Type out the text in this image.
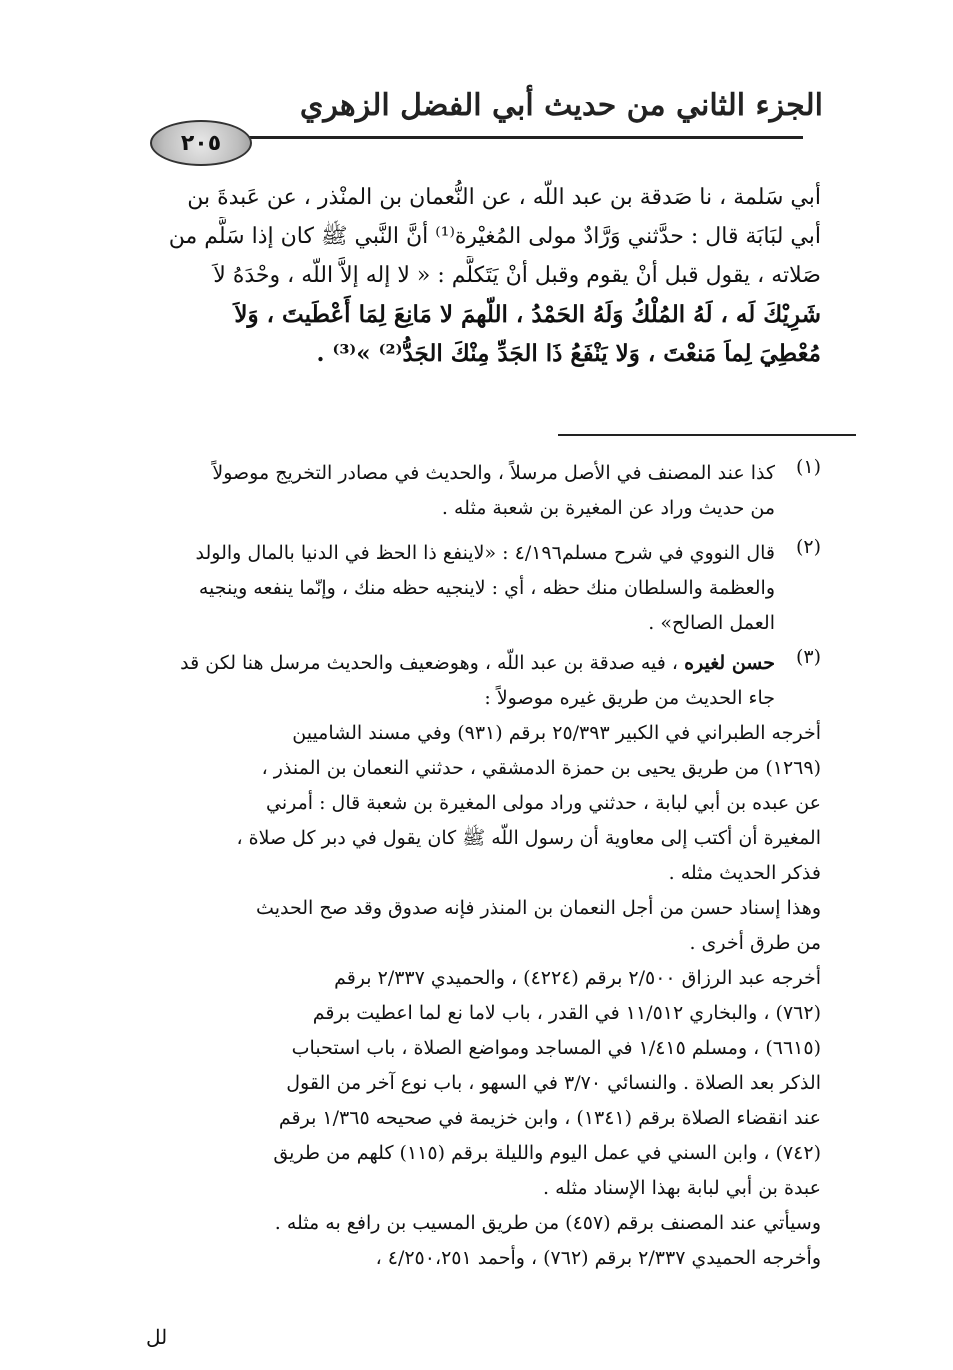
الجزء الثاني من حديث أبي الفضل الزهري
٢٠٥
أبي سَلمة ، نا صَدقة بن عبد اللّه ، عن النُّعمان بن المنْذر ، عن عَبدةَ بن
أبي لبَابَة قال : حدَّثني وَرَّادٌ مولى المُغيْرة⁽¹⁾ أنَّ النَّبي ﷺ كان إذا سَلَّم من
صَلاته ، يقول قبل أنْ يقوم وقبل أنْ يَتَكلَّم : « لا إله إلاَّ اللّه ، وحْدَهُ لاَ
شَرِيْكَ لَه ، لَهُ المُلْكُ وَلَهُ الحَمْدُ ، اللّهمَ لا مَانِعَ لِمَا أَعْطَيتَ ، وَلاَ
مُعْطِيَ لِماَ مَنعْتَ ، وَلا يَنْفَعُ ذَا الجَدِّ مِنْكَ الجَدُّ⁽²⁾ »⁽³⁾ .
(١)
كذا عند المصنف في الأصل مرسلاً ، والحديث في مصادر التخريج موصولاً
من حديث وراد عن المغيرة بن شعبة مثله .
(٢)
قال النووي في شرح مسلم٤/١٩٦ : «لاينفع ذا الحظ في الدنيا بالمال والولد
والعظمة والسلطان منك حظه ، أي : لاينجيه حظه منك ، وإنّما ينفعه وينجيه
العمل الصالح» .
(٣)
حسن لغيره ، فيه صدقة بن عبد اللّه ، وهوضعيف والحديث مرسل هنا لكن قد
جاء الحديث من طريق غيره موصولاً :
أخرجه الطبراني في الكبير ٢٥/٣٩٣ برقم (٩٣١) وفي مسند الشاميين
(١٢٦٩) من طريق يحيى بن حمزة الدمشقي ، حدثني النعمان بن المنذر ،
عن عبده بن أبي لبابة ، حدثني وراد مولى المغيرة بن شعبة قال : أمرني
المغيرة أن أكتب إلى معاوية أن رسول اللّه ﷺ كان يقول في دبر كل صلاة ،
فذكر الحديث مثله .
وهذا إسناد حسن من أجل النعمان بن المنذر فإنه صدوق وقد صح الحديث
من طرق أخرى .
أخرجه عبد الرزاق ٢/٥٠٠ برقم (٤٢٢٤) ، والحميدي ٢/٣٣٧ برقم
(٧٦٢) ، والبخاري ١١/٥١٢ في القدر ، باب لاما نع لما اعطيت برقم
(٦٦١٥) ، ومسلم ١/٤١٥ في المساجد ومواضع الصلاة ، باب استحباب
الذكر بعد الصلاة . والنسائي ٣/٧٠ في السهو ، باب نوع آخر من القول
عند انقضاء الصلاة برقم (١٣٤١) ، وابن خزيمة في صحيحه ١/٣٦٥ برقم
(٧٤٢) ، وابن السني في عمل اليوم والليلة برقم (١١٥) كلهم من طريق
عبدة بن أبي لبابة بهذا الإسناد مثله .
وسيأتي عند المصنف برقم (٤٥٧) من طريق المسيب بن رافع به مثله .
وأخرجه الحميدي ٢/٣٣٧ برقم (٧٦٢) ، وأحمد ٤/٢٥٠،٢٥١ ،
لل
